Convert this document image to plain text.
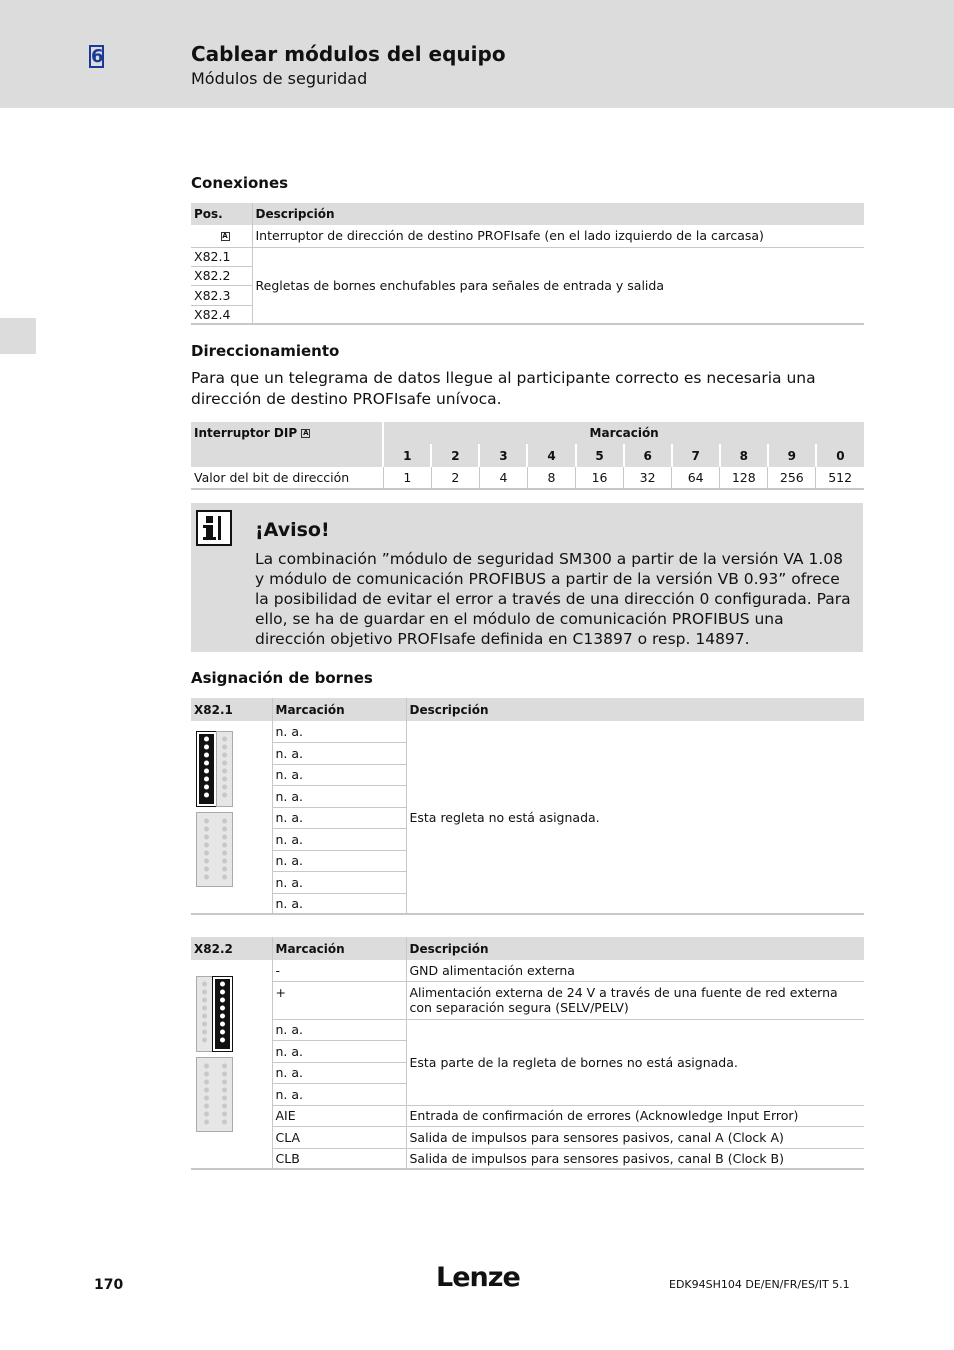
6	Cablear módulos del equipo
Módulos de seguridad
Conexiones
Pos.	Descripción
A	Interruptor de dirección de destino PROFIsafe (en el lado izquierdo de la carcasa)
X82.1	Regletas de bornes enchufables para señales de entrada y salida
X82.2	
X82.3	
X82.4	
Direccionamiento
Para que un telegrama de datos llegue al participante correcto es necesaria una dirección de destino PROFIsafe unívoca.
Interruptor DIP A	Marcación									
	1	2	3	4	5	6	7	8	9	0
Valor del bit de dirección	1	2	4	8	16	32	64	128	256	512
¡Aviso!
La combinación ”módulo de seguridad SM300 a partir de la versión VA 1.08 y módulo de comunicación PROFIBUS a partir de la versión VB 0.93” ofrece la posibilidad de evitar el error a través de una dirección 0 configurada. Para ello, se ha de guardar en el módulo de comunicación PROFIBUS una dirección objetivo PROFIsafe definida en C13897 o resp. 14897.
Asignación de bornes
X82.1	Marcación	Descripción
	n. a.	Esta regleta no está asignada.
	n. a.	
	n. a.	
	n. a.	
	n. a.	
	n. a.	
	n. a.	
	n. a.	
	n. a.	
X82.2	Marcación	Descripción
	-	GND alimentación externa
	+	Alimentación externa de 24 V a través de una fuente de red externa con separación segura (SELV/PELV)
	n. a.	Esta parte de la regleta de bornes no está asignada.
	n. a.	
	n. a.	
	n. a.	
	AIE	Entrada de confirmación de errores (Acknowledge Input Error)
	CLA	Salida de impulsos para sensores pasivos, canal A (Clock A)
	CLB	Salida de impulsos para sensores pasivos, canal B (Clock B)
170	Lenze	EDK94SH104 DE/EN/FR/ES/IT 5.1
